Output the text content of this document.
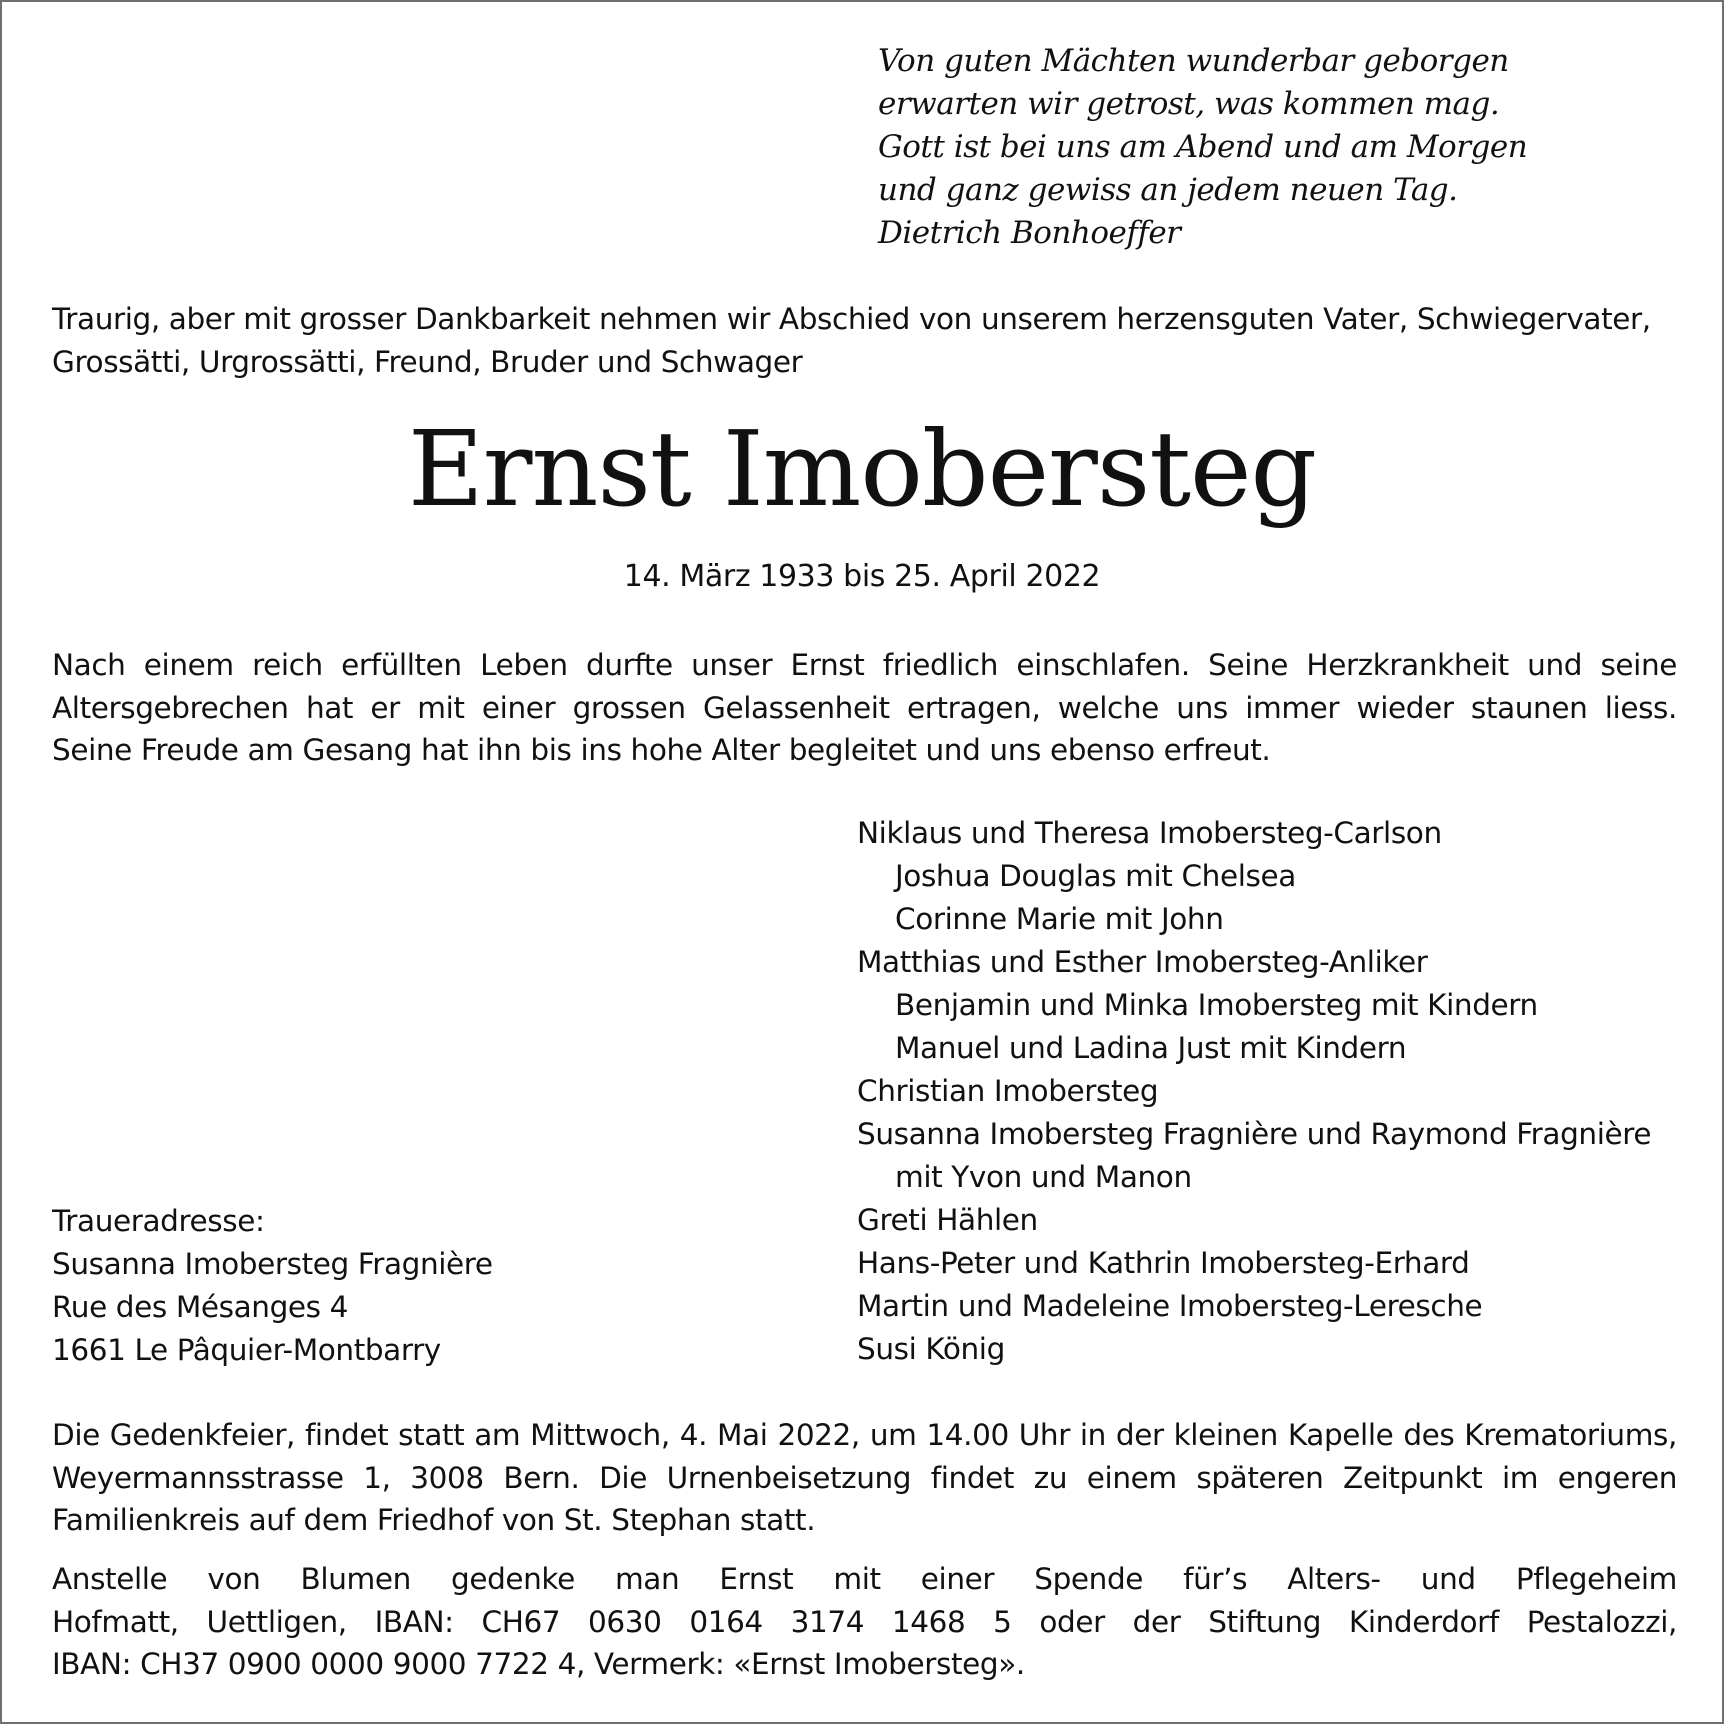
Von guten Mächten wunderbar geborgen
erwarten wir getrost, was kommen mag.
Gott ist bei uns am Abend und am Morgen
und ganz gewiss an jedem neuen Tag.
Dietrich Bonhoeffer
Traurig, aber mit grosser Dankbarkeit nehmen wir Abschied von unserem herzensguten Vater, Schwiegervater,
Grossätti, Urgrossätti, Freund, Bruder und Schwager
Ernst Imobersteg
14. März 1933 bis 25. April 2022
Nach einem reich erfüllten Leben durfte unser Ernst friedlich einschlafen. Seine Herzkrankheit und seine
Altersgebrechen hat er mit einer grossen Gelassenheit ertragen, welche uns immer wieder staunen liess.
Seine Freude am Gesang hat ihn bis ins hohe Alter begleitet und uns ebenso erfreut.
Niklaus und Theresa Imobersteg-Carlson
Joshua Douglas mit Chelsea
Corinne Marie mit John
Matthias und Esther Imobersteg-Anliker
Benjamin und Minka Imobersteg mit Kindern
Manuel und Ladina Just mit Kindern
Christian Imobersteg
Susanna Imobersteg Fragnière und Raymond Fragnière
mit Yvon und Manon
Greti Hählen
Hans-Peter und Kathrin Imobersteg-Erhard
Martin und Madeleine Imobersteg-Leresche
Susi König
Traueradresse:
Susanna Imobersteg Fragnière
Rue des Mésanges 4
1661 Le Pâquier-Montbarry
Die Gedenkfeier, findet statt am Mittwoch, 4. Mai 2022, um 14.00 Uhr in der kleinen Kapelle des Krematoriums,
Weyermannsstrasse 1, 3008 Bern. Die Urnenbeisetzung findet zu einem späteren Zeitpunkt im engeren
Familienkreis auf dem Friedhof von St. Stephan statt.
Anstelle von Blumen gedenke man Ernst mit einer Spende für’s Alters- und Pflegeheim
Hofmatt, Uettligen, IBAN: CH67 0630 0164 3174 1468 5 oder der Stiftung Kinderdorf Pestalozzi,
IBAN: CH37 0900 0000 9000 7722 4, Vermerk: «Ernst Imobersteg».
